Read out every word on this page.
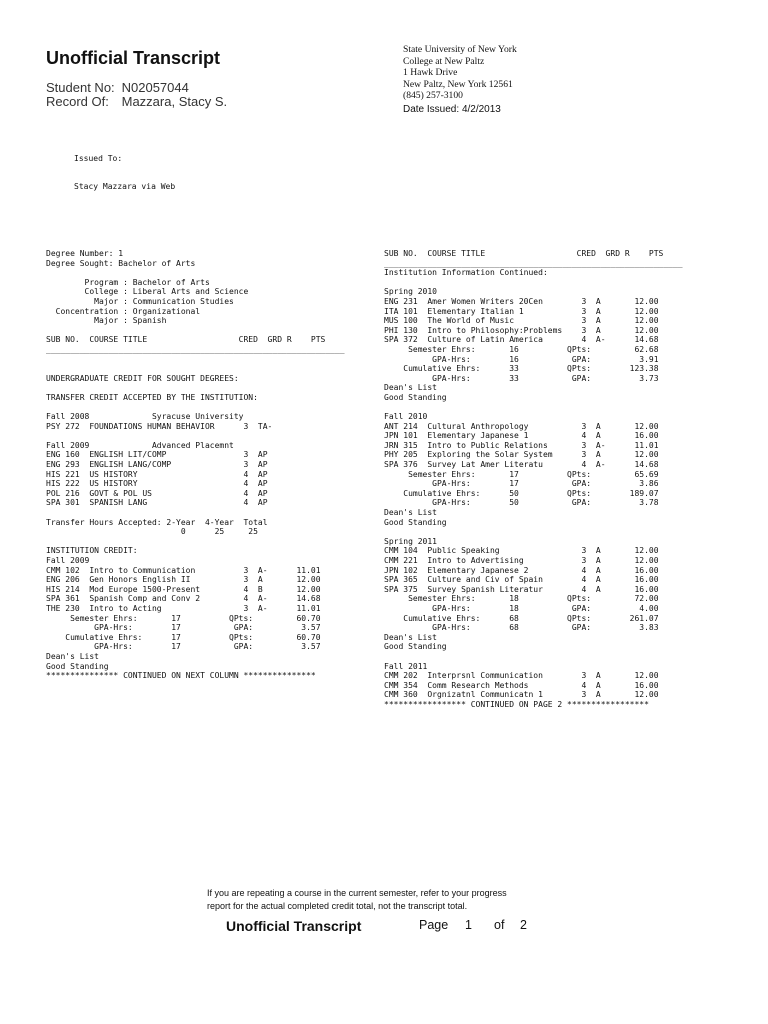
Unofficial Transcript
Student No: N02057044
Record Of: Mazzara, Stacy S.
State University of New York
College at New Paltz
1 Hawk Drive
New Paltz, New York 12561
(845) 257-3100
Date Issued: 4/2/2013
Issued To:
Stacy Mazzara via Web
Degree Number: 1
Degree Sought: Bachelor of Arts

Program : Bachelor of Arts
College : Liberal Arts and Science
Major : Communication Studies
Concentration : Organizational
Major : Spanish

SUB NO.  COURSE TITLE                   CRED  GRD R    PTS
______________________________________________________________

UNDERGRADUATE CREDIT FOR SOUGHT DEGREES:

TRANSFER CREDIT ACCEPTED BY THE INSTITUTION:

Fall 2008             Syracuse University
PSY 272  FOUNDATIONS HUMAN BEHAVIOR      3  TA-

Fall 2009             Advanced Placemnt
ENG 160  ENGLISH LIT/COMP                3  AP
ENG 293  ENGLISH LANG/COMP               3  AP
HIS 221  US HISTORY                      4  AP
HIS 222  US HISTORY                      4  AP
POL 216  GOVT & POL US                   4  AP
SPA 301  SPANISH LANG                    4  AP

Transfer Hours Accepted: 2-Year  4-Year  Total
0      25     25

INSTITUTION CREDIT:
Fall 2009
CMM 102  Intro to Communication          3  A-      11.01
ENG 206  Gen Honors English II           3  A       12.00
HIS 214  Mod Europe 1500-Present         4  B       12.00
SPA 361  Spanish Comp and Conv 2         4  A-      14.68
THE 230  Intro to Acting                 3  A-      11.01
Semester Ehrs:       17          QPts:         60.70
GPA-Hrs:        17           GPA:          3.57
Cumulative Ehrs:      17          QPts:         60.70
GPA-Hrs:        17           GPA:          3.57
Dean's List
Good Standing
*************** CONTINUED ON NEXT COLUMN ***************
SUB NO.  COURSE TITLE                   CRED  GRD R    PTS
______________________________________________________________
Institution Information Continued:

Spring 2010
ENG 231  Amer Women Writers 20Cen        3  A       12.00
ITA 101  Elementary Italian 1            3  A       12.00
MUS 100  The World of Music              3  A       12.00
PHI 130  Intro to Philosophy:Problems    3  A       12.00
SPA 372  Culture of Latin America        4  A-      14.68
Semester Ehrs:       16          QPts:         62.68
GPA-Hrs:        16           GPA:          3.91
Cumulative Ehrs:      33          QPts:        123.38
GPA-Hrs:        33           GPA:          3.73
Dean's List
Good Standing

Fall 2010
ANT 214  Cultural Anthropology           3  A       12.00
JPN 101  Elementary Japanese 1           4  A       16.00
JRN 315  Intro to Public Relations       3  A-      11.01
PHY 205  Exploring the Solar System      3  A       12.00
SPA 376  Survey Lat Amer Literatu        4  A-      14.68
Semester Ehrs:       17          QPts:         65.69
GPA-Hrs:        17           GPA:          3.86
Cumulative Ehrs:      50          QPts:        189.07
GPA-Hrs:        50           GPA:          3.78
Dean's List
Good Standing

Spring 2011
CMM 104  Public Speaking                 3  A       12.00
CMM 221  Intro to Advertising            3  A       12.00
JPN 102  Elementary Japanese 2           4  A       16.00
SPA 365  Culture and Civ of Spain        4  A       16.00
SPA 375  Survey Spanish Literatur        4  A       16.00
Semester Ehrs:       18          QPts:         72.00
GPA-Hrs:        18           GPA:          4.00
Cumulative Ehrs:      68          QPts:        261.07
GPA-Hrs:        68           GPA:          3.83
Dean's List
Good Standing

Fall 2011
CMM 202  Interprsnl Communication        3  A       12.00
CMM 354  Comm Research Methods           4  A       16.00
CMM 360  Orgnizatnl Communicatn 1        3  A       12.00
***************** CONTINUED ON PAGE 2 *****************
If you are repeating a course in the current semester, refer to your progress
report for the actual completed credit total, not the transcript total.
Unofficial Transcript	Page 1 of 2
